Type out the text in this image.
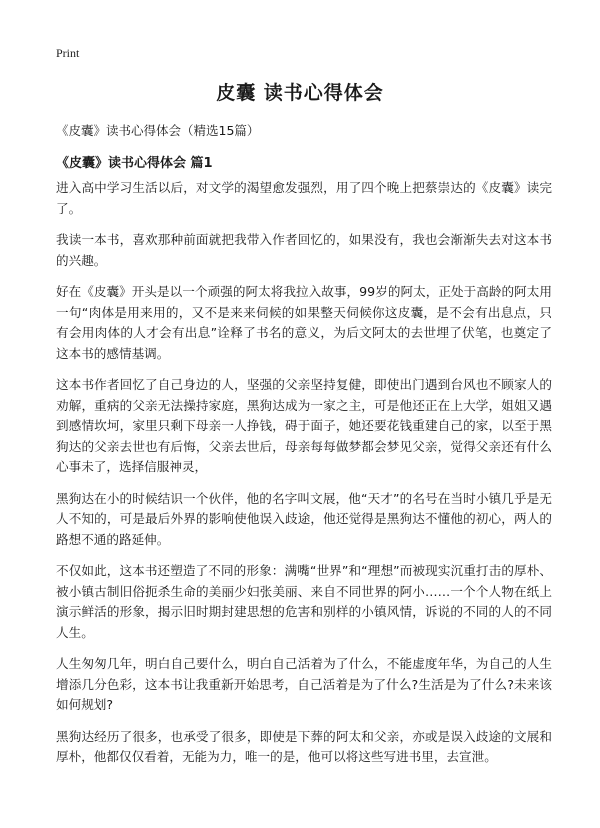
Print
皮囊 读书心得体会

《皮囊》读书心得体会（精选15篇）

《皮囊》读书心得体会 篇1

进入高中学习生活以后，对文学的渴望愈发强烈，用了四个晚上把蔡崇达的《皮囊》读完了。

我读一本书，喜欢那种前面就把我带入作者回忆的，如果没有，我也会渐渐失去对这本书的兴趣。

好在《皮囊》开头是以一个顽强的阿太将我拉入故事，99岁的阿太，正处于高龄的阿太用一句“肉体是用来用的，又不是来来伺候的如果整天伺候你这皮囊，是不会有出息点，只有会用肉体的人才会有出息”诠释了书名的意义，为后文阿太的去世埋了伏笔，也奠定了这本书的感情基调。

这本书作者回忆了自己身边的人，坚强的父亲坚持复健，即使出门遇到台风也不顾家人的劝解，重病的父亲无法操持家庭，黑狗达成为一家之主，可是他还正在上大学，姐姐又遇到感情坎坷，家里只剩下母亲一人挣钱，碍于面子，她还要花钱重建自己的家，以至于黑狗达的父亲去世也有后悔，父亲去世后，母亲每每做梦都会梦见父亲，觉得父亲还有什么心事未了，选择信服神灵，

黑狗达在小的时候结识一个伙伴，他的名字叫文展，他“天才”的名号在当时小镇几乎是无人不知的，可是最后外界的影响使他误入歧途，他还觉得是黑狗达不懂他的初心，两人的路想不通的路延伸。

不仅如此，这本书还塑造了不同的形象：满嘴“世界”和“理想”而被现实沉重打击的厚朴、被小镇古制旧俗扼杀生命的美丽少妇张美丽、来自不同世界的阿小……一个个人物在纸上演示鲜活的形象，揭示旧时期封建思想的危害和别样的小镇风情，诉说的不同的人的不同人生。

人生匆匆几年，明白自己要什么，明白自己活着为了什么，不能虚度年华，为自己的人生增添几分色彩，这本书让我重新开始思考，自己活着是为了什么?生活是为了什么?未来该如何规划?

黑狗达经历了很多，也承受了很多，即使是下葬的阿太和父亲，亦或是误入歧途的文展和厚朴，他都仅仅看着，无能为力，唯一的是，他可以将这些写进书里，去宣泄。
